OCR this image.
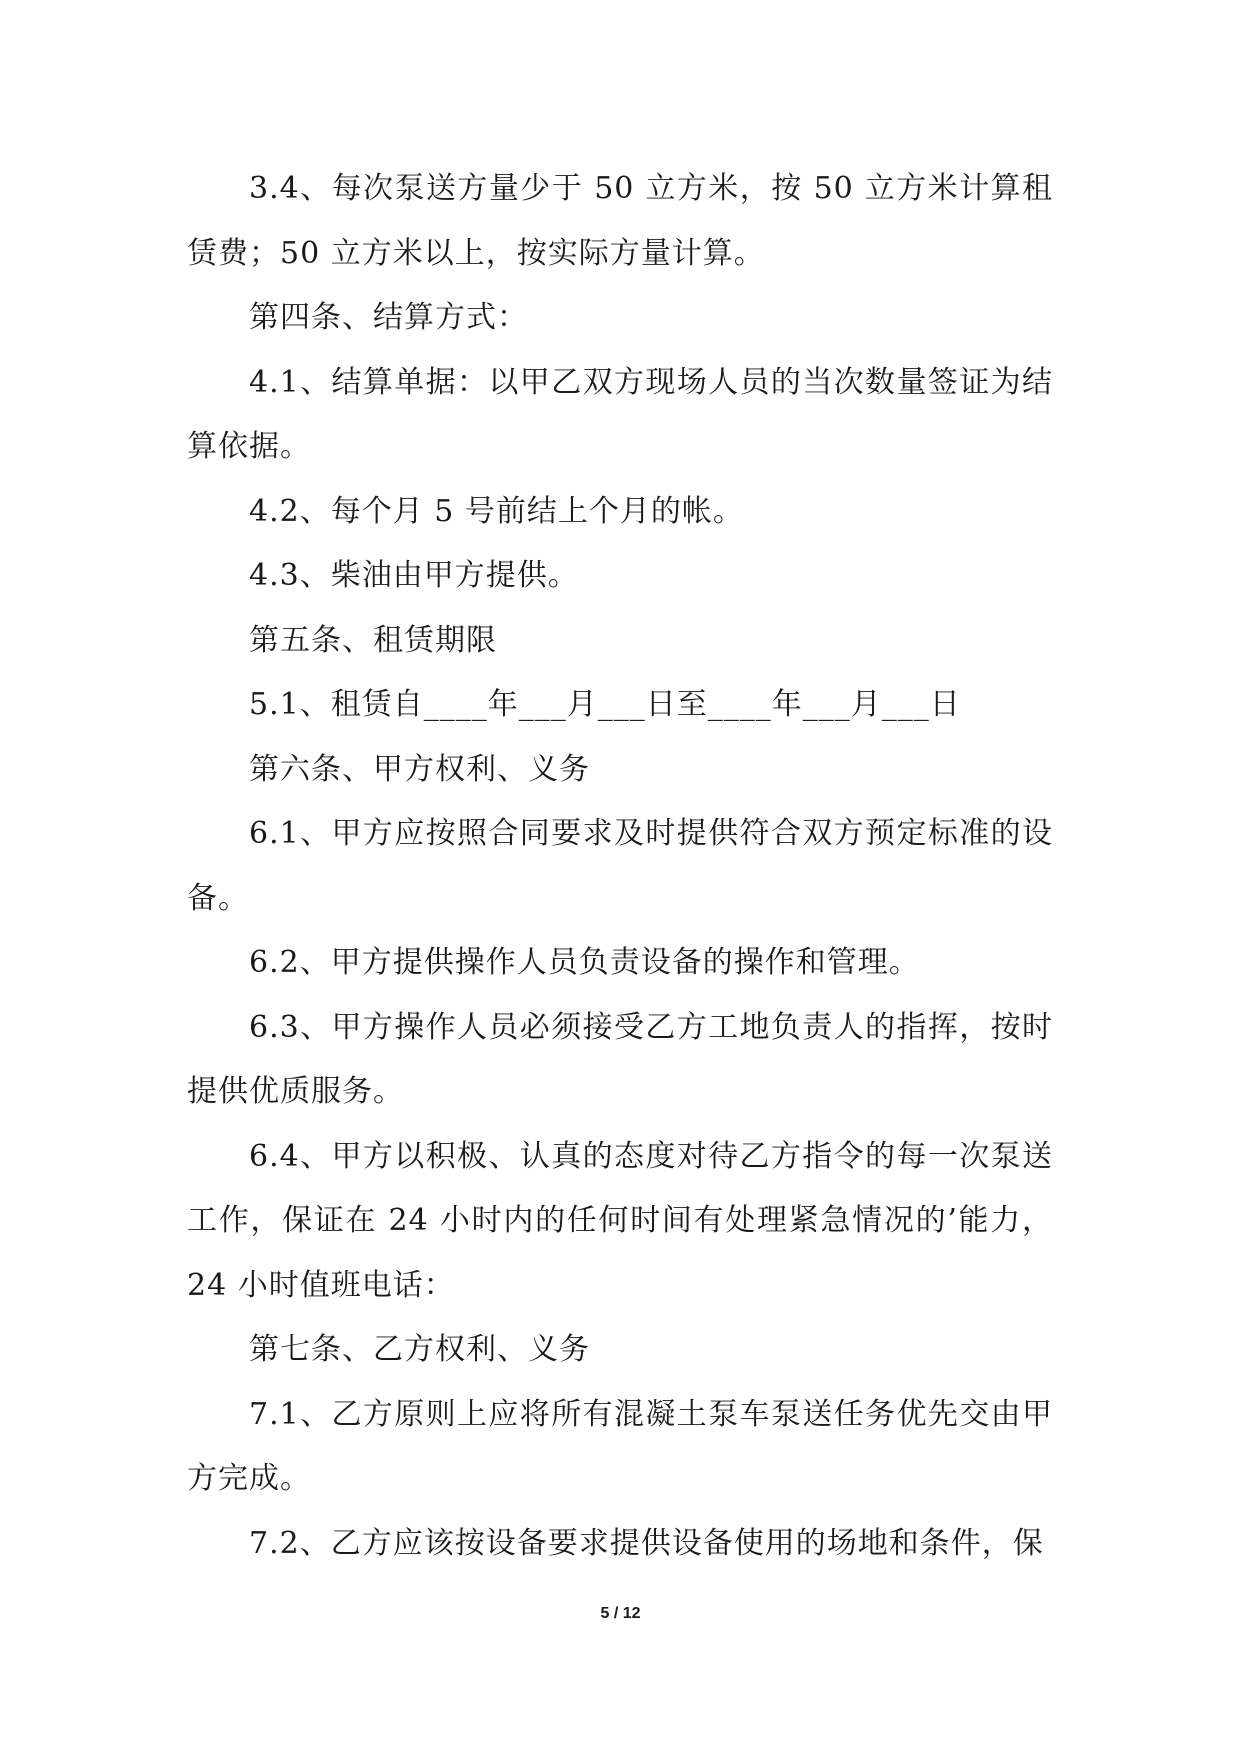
3.4、每次泵送方量少于 50 立方米，按 50 立方米计算租赁费；50 立方米以上，按实际方量计算。

第四条、结算方式：

4.1、结算单据：以甲乙双方现场人员的当次数量签证为结算依据。

4.2、每个月 5 号前结上个月的帐。

4.3、柴油由甲方提供。

第五条、租赁期限

5.1、租赁自____年___月___日至____年___月___日

第六条、甲方权利、义务

6.1、甲方应按照合同要求及时提供符合双方预定标准的设备。

6.2、甲方提供操作人员负责设备的操作和管理。

6.3、甲方操作人员必须接受乙方工地负责人的指挥，按时提供优质服务。

6.4、甲方以积极、认真的态度对待乙方指令的每一次泵送工作，保证在 24 小时内的任何时间有处理紧急情况的’能力，24 小时值班电话：

第七条、乙方权利、义务

7.1、乙方原则上应将所有混凝土泵车泵送任务优先交由甲方完成。

7.2、乙方应该按设备要求提供设备使用的场地和条件，保

5 / 12
